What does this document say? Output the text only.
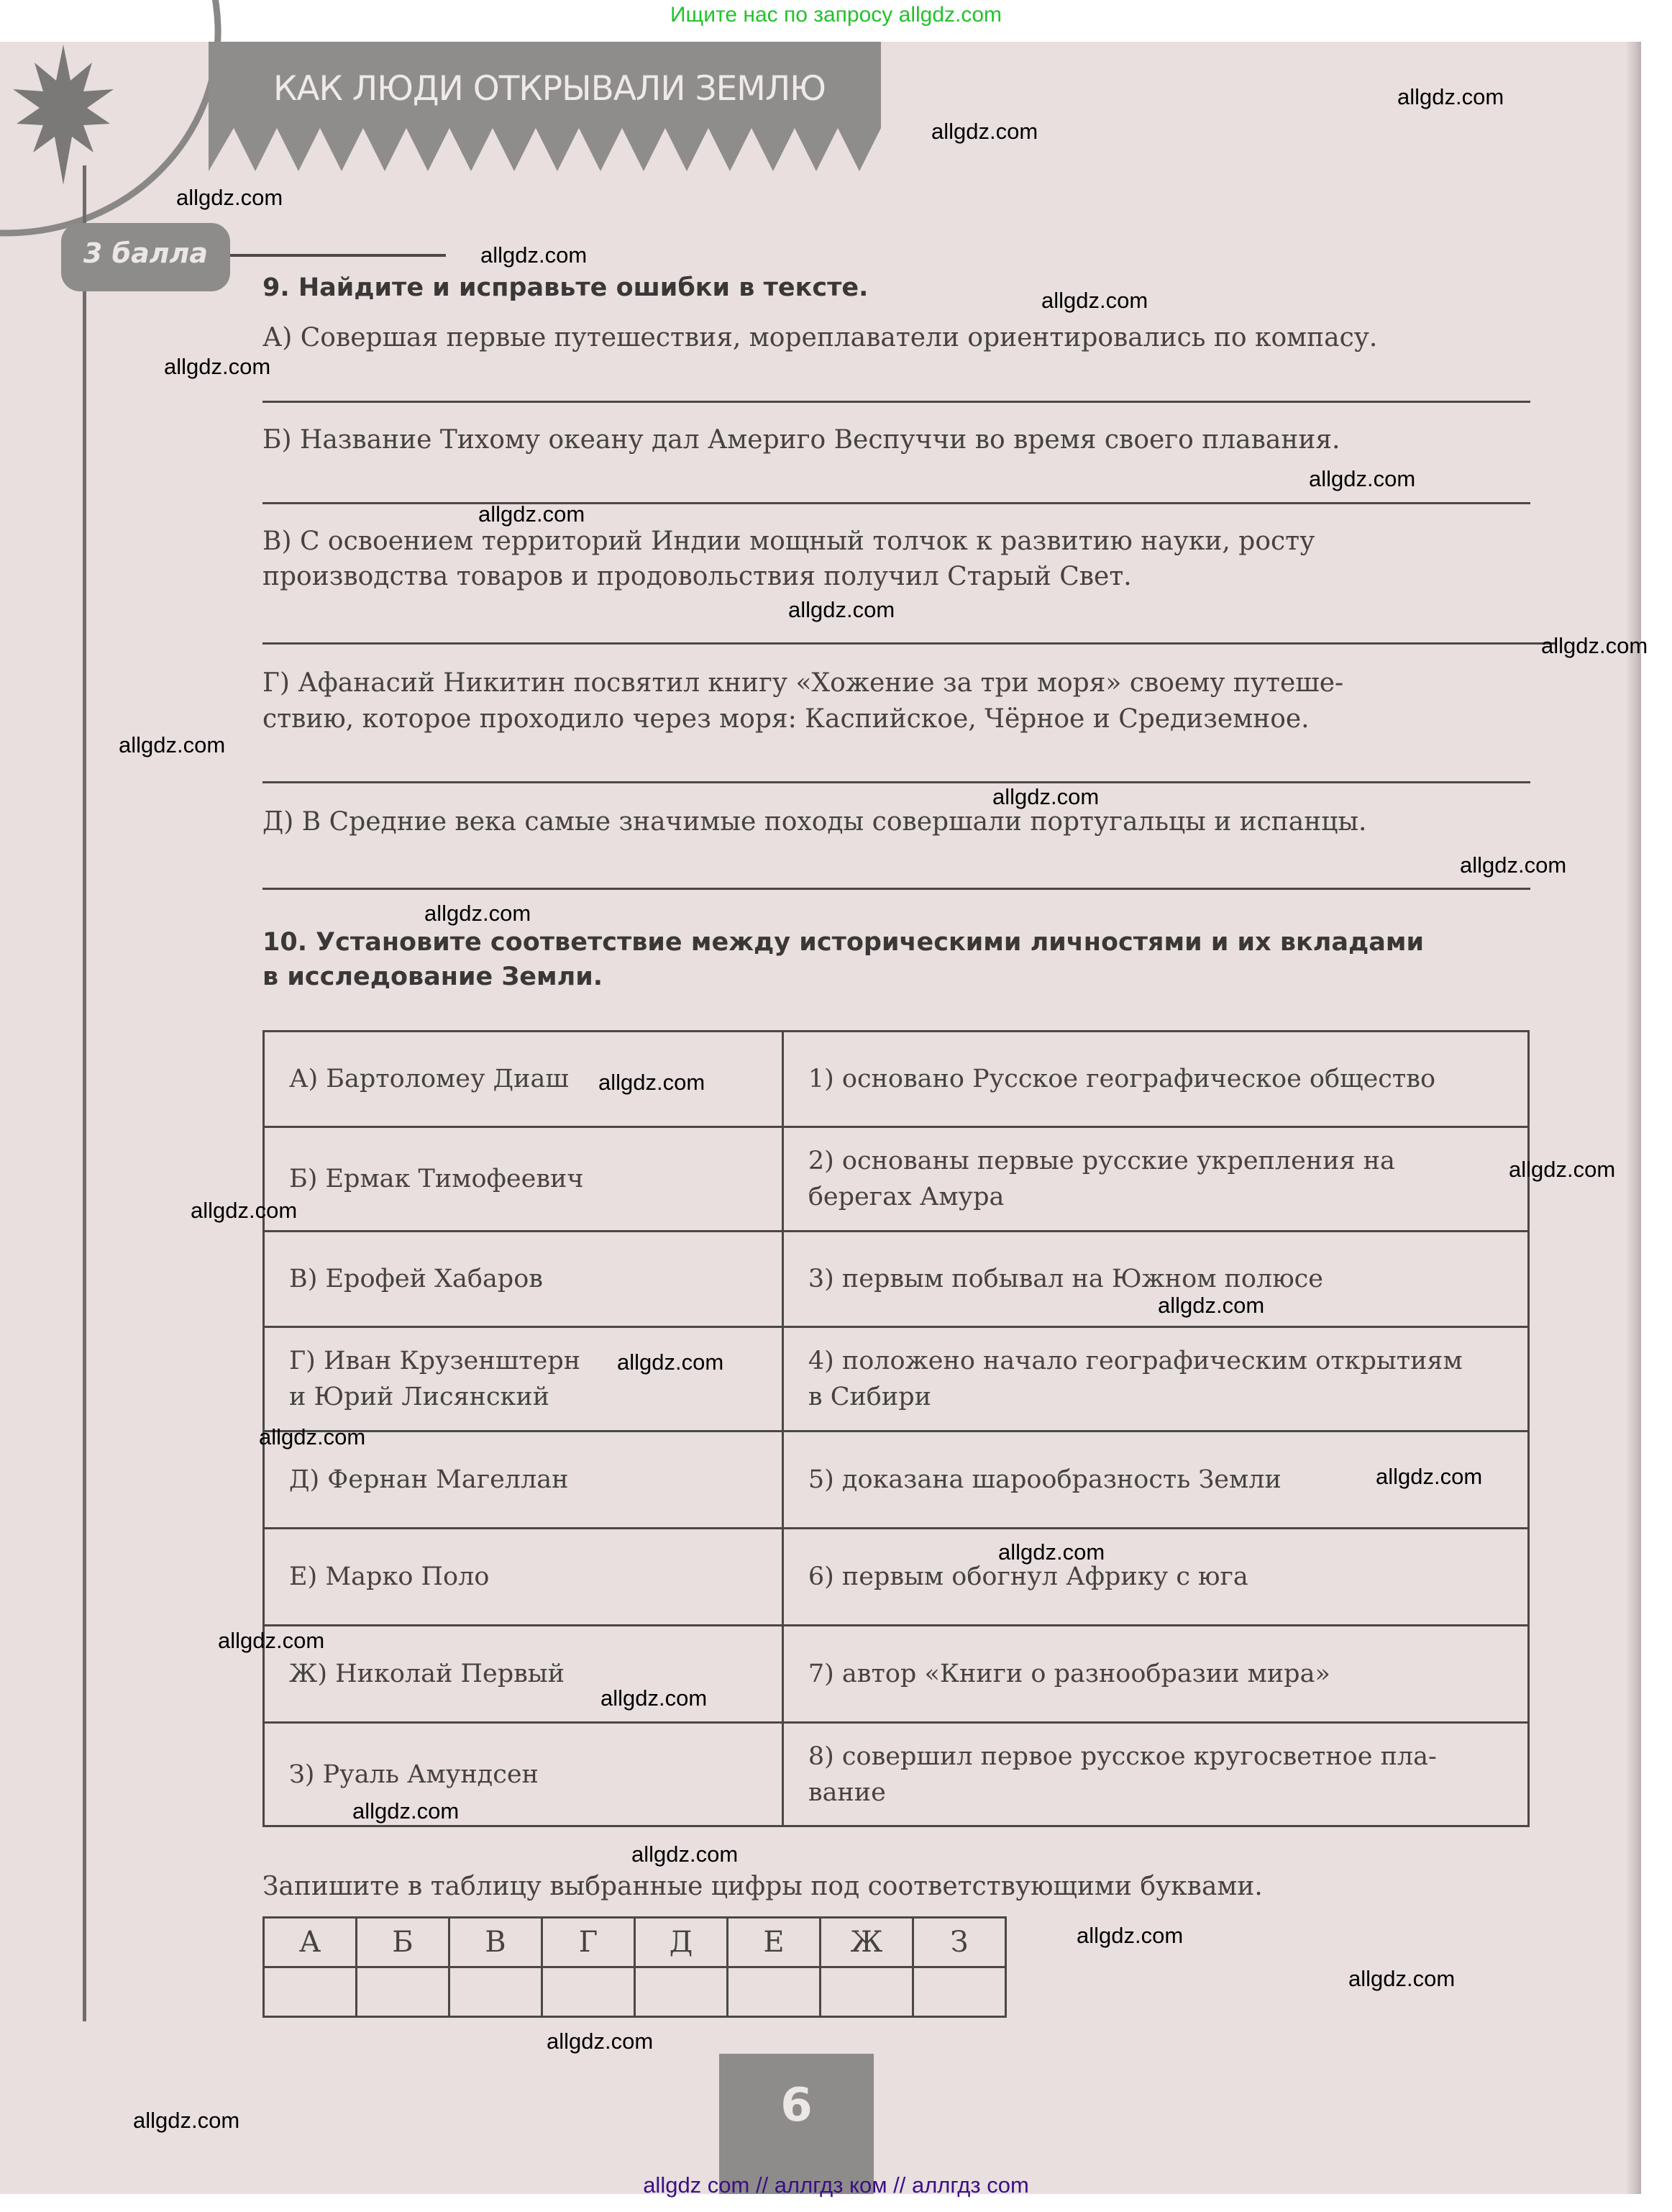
Ищите нас по запросу allgdz.com
КАК ЛЮДИ ОТКРЫВАЛИ ЗЕМЛЮ
3 балла
9. Найдите и исправьте ошибки в тексте.
А) Совершая первые путешествия, мореплаватели ориентировались по компасу.
Б) Название Тихому океану дал Америго Веспуччи во время своего плавания.
В) С освоением территорий Индии мощный толчок к развитию науки, росту
производства товаров и продовольствия получил Старый Свет.
Г) Афанасий Никитин посвятил книгу «Хожение за три моря» своему путеше-
ствию, которое проходило через моря: Каспийское, Чёрное и Средиземное.
Д) В Средние века самые значимые походы совершали португальцы и испанцы.
10. Установите соответствие между историческими личностями и их вкладами
в исследование Земли.
А) Бартоломеу Диаш	1) основано Русское географическое общество
Б) Ермак Тимофеевич	2) основаны первые русские укрепления на
берегах Амура
В) Ерофей Хабаров	3) первым побывал на Южном полюсе
Г) Иван Крузенштерн
и Юрий Лисянский	4) положено начало географическим открытиям
в Сибири
Д) Фернан Магеллан	5) доказана шарообразность Земли
Е) Марко Поло	6) первым обогнул Африку с юга
Ж) Николай Первый	7) автор «Книги о разнообразии мира»
З) Руаль Амундсен	8) совершил первое русское кругосветное пла-
вание
Запишите в таблицу выбранные цифры под соответствующими буквами.
А	Б	В	Г	Д	Е	Ж	З

6
allgdz.com
allgdz.com
allgdz.com
allgdz.com
allgdz.com
allgdz.com
allgdz.com
allgdz.com
allgdz.com
allgdz.com
allgdz.com
allgdz.com
allgdz.com
allgdz.com
allgdz.com
allgdz.com
allgdz.com
allgdz.com
allgdz.com
allgdz.com
allgdz.com
allgdz.com
allgdz.com
allgdz.com
allgdz.com
allgdz.com
allgdz.com
allgdz.com
allgdz.com
allgdz.com
allgdz com // аллгдз ком // аллгдз com
